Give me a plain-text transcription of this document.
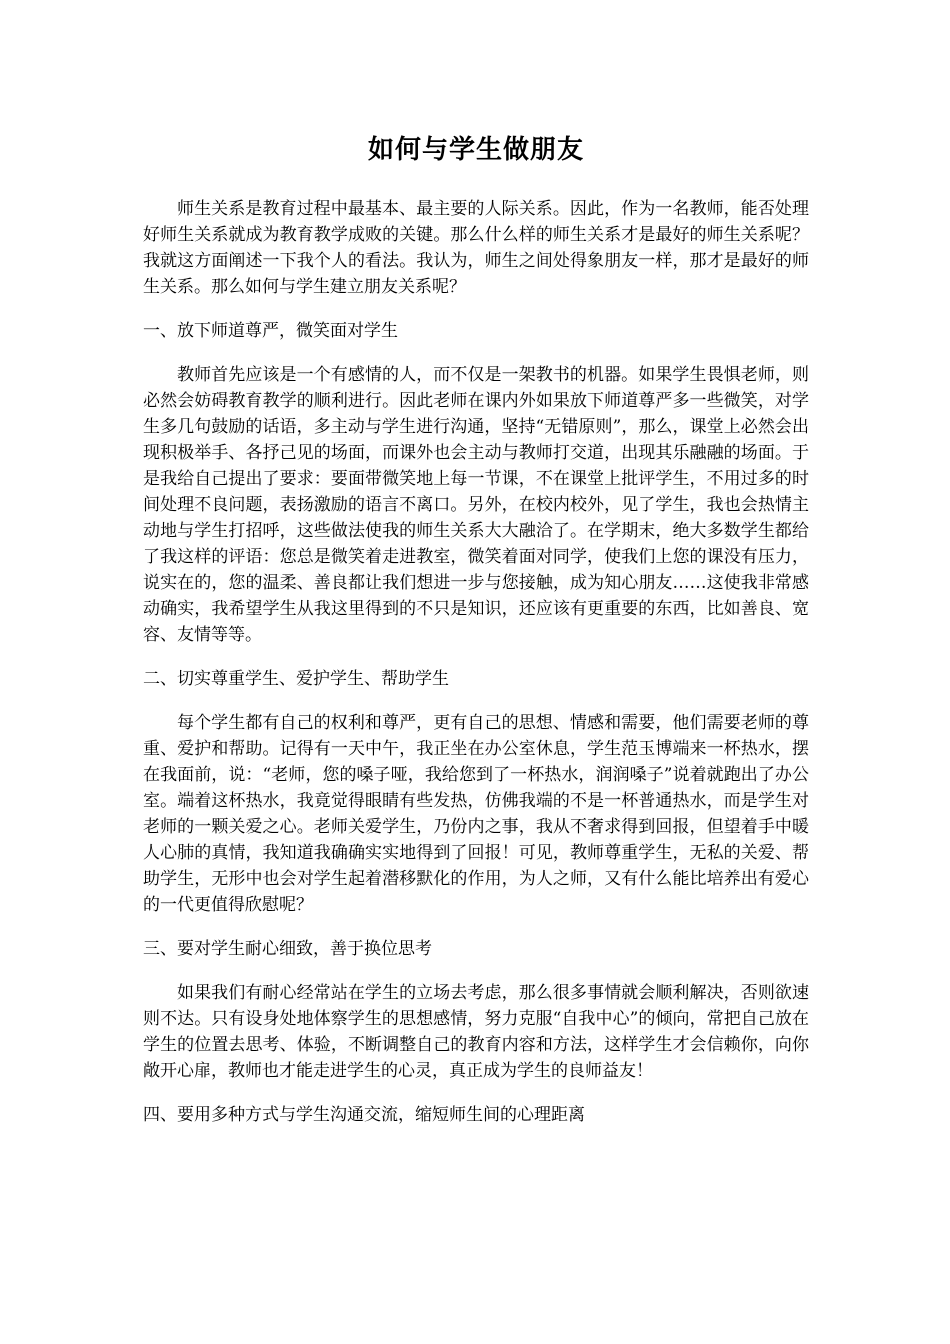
如何与学生做朋友

师生关系是教育过程中最基本、最主要的人际关系。因此，作为一名教师，能否处理好师生关系就成为教育教学成败的关键。那么什么样的师生关系才是最好的师生关系呢？我就这方面阐述一下我个人的看法。我认为，师生之间处得象朋友一样，那才是最好的师生关系。那么如何与学生建立朋友关系呢？

一、放下师道尊严，微笑面对学生

教师首先应该是一个有感情的人，而不仅是一架教书的机器。如果学生畏惧老师，则必然会妨碍教育教学的顺利进行。因此老师在课内外如果放下师道尊严多一些微笑，对学生多几句鼓励的话语，多主动与学生进行沟通，坚持“无错原则”，那么，课堂上必然会出现积极举手、各抒己见的场面，而课外也会主动与教师打交道，出现其乐融融的场面。于是我给自己提出了要求：要面带微笑地上每一节课，不在课堂上批评学生，不用过多的时间处理不良问题，表扬激励的语言不离口。另外，在校内校外，见了学生，我也会热情主动地与学生打招呼，这些做法使我的师生关系大大融洽了。在学期末，绝大多数学生都给了我这样的评语：您总是微笑着走进教室，微笑着面对同学，使我们上您的课没有压力，说实在的，您的温柔、善良都让我们想进一步与您接触，成为知心朋友……这使我非常感动确实，我希望学生从我这里得到的不只是知识，还应该有更重要的东西，比如善良、宽容、友情等等。

二、切实尊重学生、爱护学生、帮助学生

每个学生都有自己的权利和尊严，更有自己的思想、情感和需要，他们需要老师的尊重、爱护和帮助。记得有一天中午，我正坐在办公室休息，学生范玉博端来一杯热水，摆在我面前，说：“老师，您的嗓子哑，我给您到了一杯热水，润润嗓子”说着就跑出了办公室。端着这杯热水，我竟觉得眼睛有些发热，仿佛我端的不是一杯普通热水，而是学生对老师的一颗关爱之心。老师关爱学生，乃份内之事，我从不奢求得到回报，但望着手中暖人心肺的真情，我知道我确确实实地得到了回报！可见，教师尊重学生，无私的关爱、帮助学生，无形中也会对学生起着潜移默化的作用，为人之师，又有什么能比培养出有爱心的一代更值得欣慰呢？

三、要对学生耐心细致，善于换位思考

如果我们有耐心经常站在学生的立场去考虑，那么很多事情就会顺利解决，否则欲速则不达。只有设身处地体察学生的思想感情，努力克服“自我中心”的倾向，常把自己放在学生的位置去思考、体验，不断调整自己的教育内容和方法，这样学生才会信赖你，向你敞开心扉，教师也才能走进学生的心灵，真正成为学生的良师益友！

四、要用多种方式与学生沟通交流，缩短师生间的心理距离
